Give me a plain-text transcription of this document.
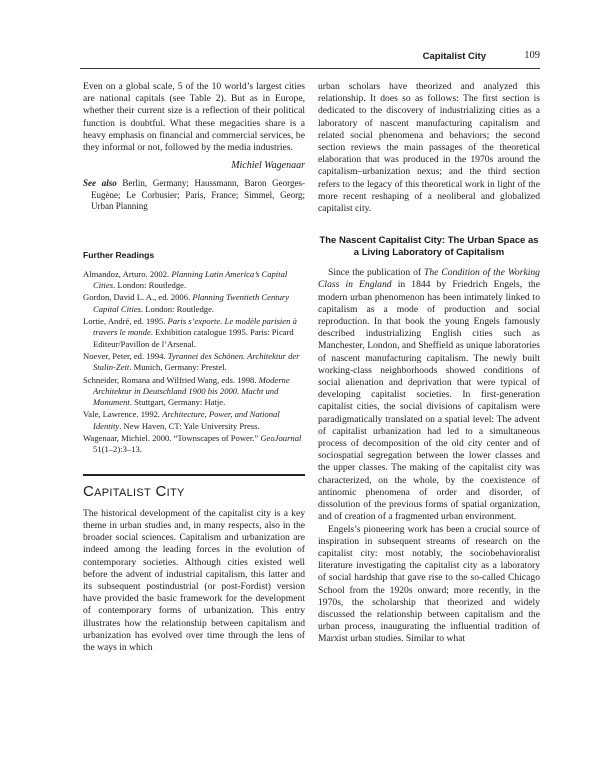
Capitalist City	109

Even on a global scale, 5 of the 10 world’s largest cities are national capitals (see Table 2). But as in Europe, whether their current size is a reflection of their political function is doubtful. What these megacities share is a heavy emphasis on financial and commercial services, be they informal or not, followed by the media industries.

Michiel Wagenaar

See also Berlin, Germany; Haussmann, Baron Georges-Eugène; Le Corbusier; Paris, France; Simmel, Georg; Urban Planning

Further Readings
Almandoz, Arturo. 2002. Planning Latin America’s Capital Cities. London: Routledge.
Gordon, David L. A., ed. 2006. Planning Twentieth Century Capital Cities. London: Routledge.
Lortie, André, ed. 1995. Paris s’exporte. Le modèle parisien à travers le monde. Exhibition catalogue 1995. Paris: Picard Editeur/Pavillon de l’Arsenal.
Noever, Peter, ed. 1994. Tyrannei des Schönen. Architektur der Stalin-Zeit. Munich, Germany: Prestel.
Schneider, Romana and Wilfried Wang, eds. 1998. Moderne Architektur in Deutschland 1900 bis 2000. Macht und Monument. Stuttgart, Germany: Hatje.
Vale, Lawrence. 1992. Architecture, Power, and National Identity. New Haven, CT: Yale University Press.
Wagenaar, Michiel. 2000. “Townscapes of Power.” GeoJournal 51(1–2):3–13.
Capitalist City

The historical development of the capitalist city is a key theme in urban studies and, in many respects, also in the broader social sciences. Capitalism and urbanization are indeed among the leading forces in the evolution of contemporary societies. Although cities existed well before the advent of industrial capitalism, this latter and its subsequent postindustrial (or post-Fordist) version have provided the basic framework for the development of contemporary forms of urbanization. This entry illustrates how the relationship between capitalism and urbanization has evolved over time through the lens of the ways in which

urban scholars have theorized and analyzed this relationship. It does so as follows: The first section is dedicated to the discovery of industrializing cities as a laboratory of nascent manufacturing capitalism and related social phenomena and behaviors; the second section reviews the main passages of the theoretical elaboration that was produced in the 1970s around the capitalism–urbanization nexus; and the third section refers to the legacy of this theoretical work in light of the more recent reshaping of a neoliberal and globalized capitalist city.

The Nascent Capitalist City: The Urban Space as a Living Laboratory of Capitalism

Since the publication of The Condition of the Working Class in England in 1844 by Friedrich Engels, the modern urban phenomenon has been intimately linked to capitalism as a mode of production and social reproduction. In that book the young Engels famously described industrializing English cities such as Manchester, London, and Sheffield as unique laboratories of nascent manufacturing capitalism. The newly built working-class neighborhoods showed conditions of social alienation and deprivation that were typical of developing capitalist societies. In first-generation capitalist cities, the social divisions of capitalism were paradigmatically translated on a spatial level: The advent of capitalist urbanization had led to a simultaneous process of decomposition of the old city center and of sociospatial segregation between the lower classes and the upper classes. The making of the capitalist city was characterized, on the whole, by the coexistence of antinomic phenomena of order and disorder, of dissolution of the previous forms of spatial organization, and of creation of a fragmented urban environment.

Engels’s pioneering work has been a crucial source of inspiration in subsequent streams of research on the capitalist city: most notably, the sociobehavioralist literature investigating the capitalist city as a laboratory of social hardship that gave rise to the so-called Chicago School from the 1920s onward; more recently, in the 1970s, the scholarship that theorized and widely discussed the relationship between capitalism and the urban process, inaugurating the influential tradition of Marxist urban studies. Similar to what
